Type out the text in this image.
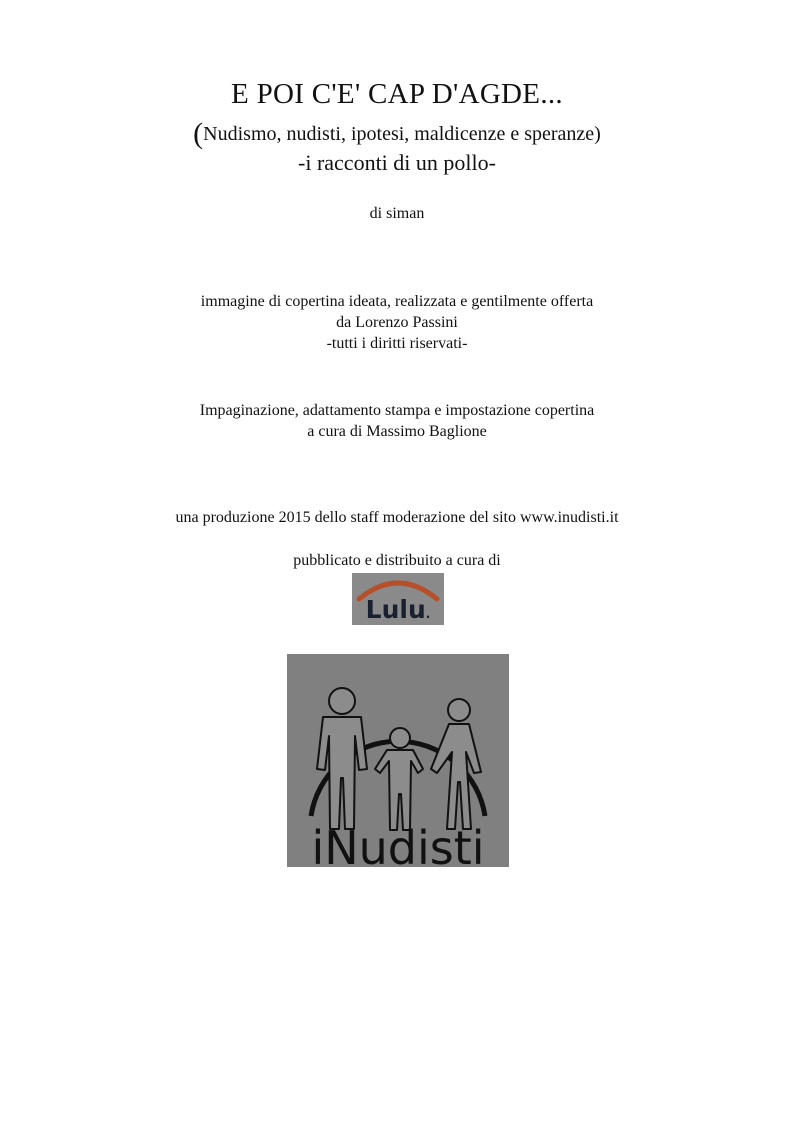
E POI C'E' CAP D'AGDE...
(Nudismo, nudisti, ipotesi, maldicenze e speranze)
-i racconti di un pollo-
di siman
immagine di copertina ideata, realizzata e gentilmente offerta
da Lorenzo Passini
-tutti i diritti riservati-
Impaginazione, adattamento stampa e impostazione copertina
a cura di Massimo Baglione
una produzione 2015 dello staff moderazione del sito www.inudisti.it
pubblicato e distribuito a cura di
Lulu.
iNudisti
